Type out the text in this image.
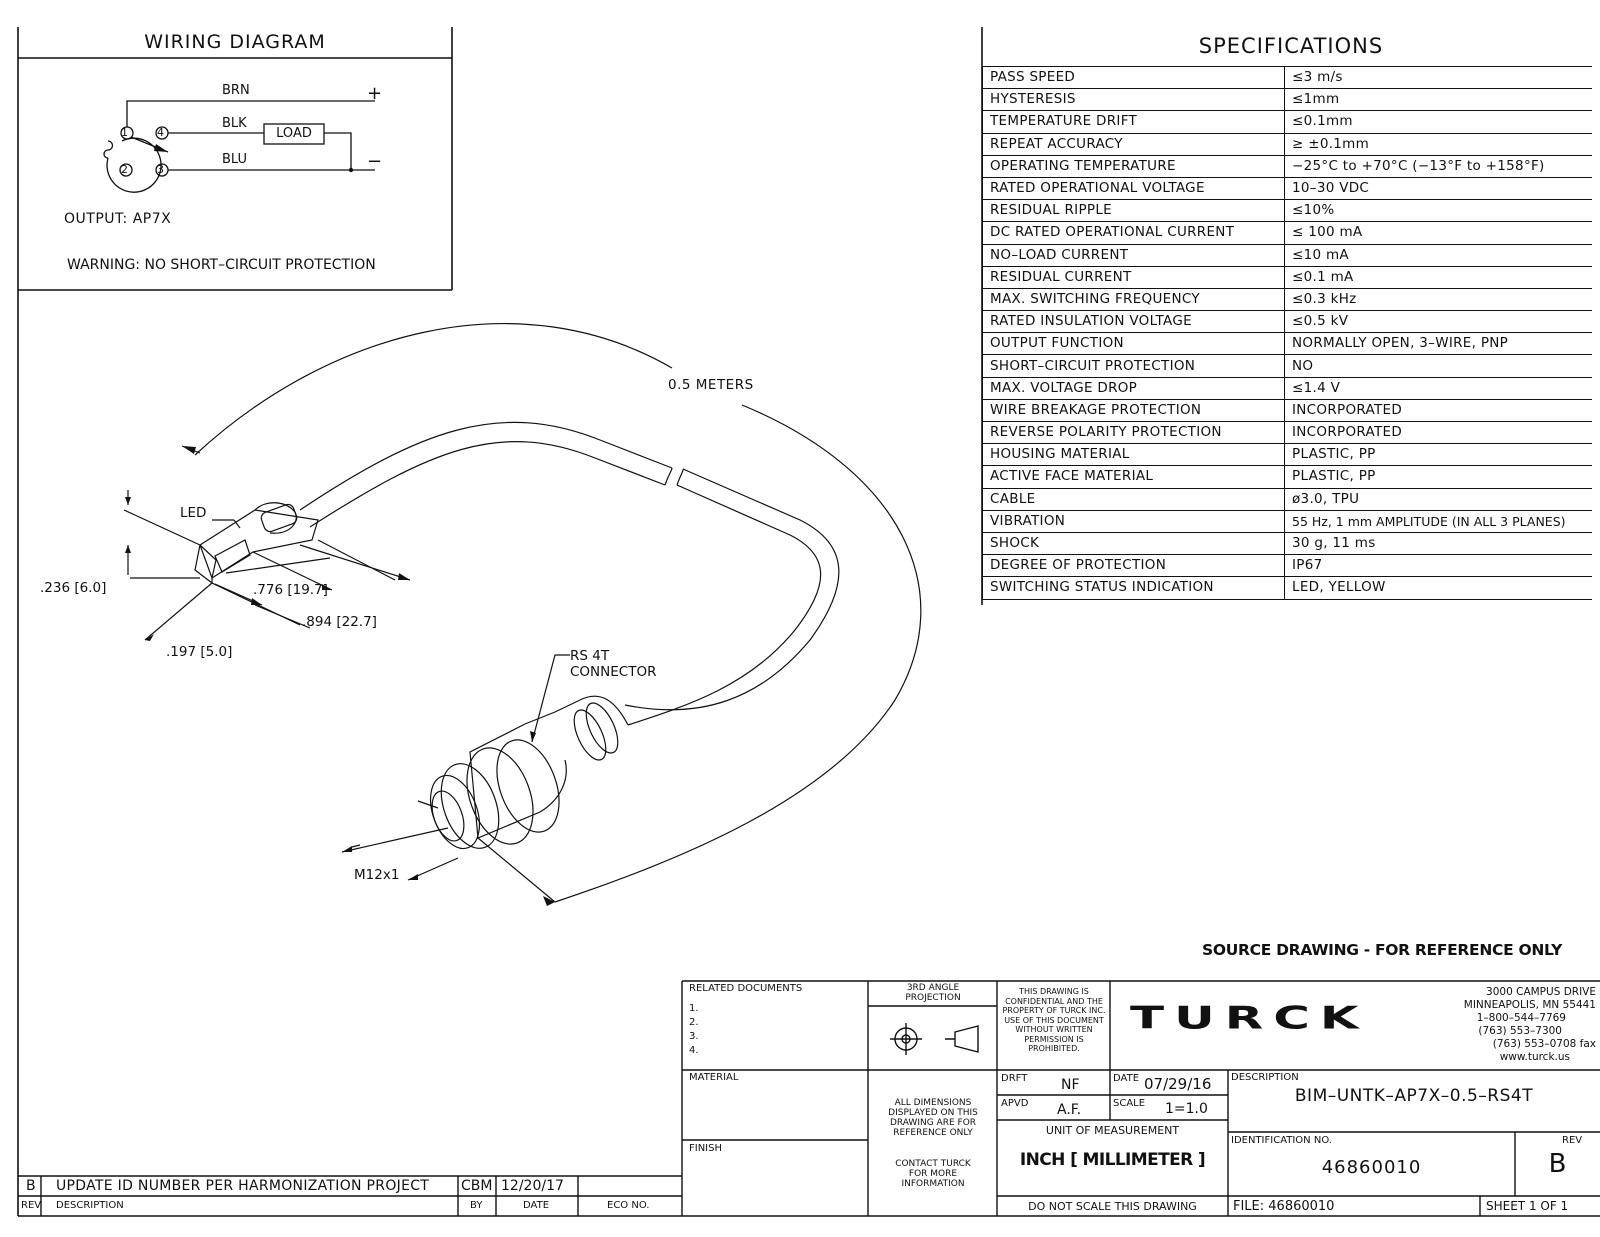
WIRING DIAGRAM
BRN
BLK
BLU
LOAD
+
−
1	4
2	3
OUTPUT: AP7X
WARNING: NO SHORT–CIRCUIT PROTECTION
SPECIFICATIONS
PASS SPEED	≤3 m/s
HYSTERESIS	≤1mm
TEMPERATURE DRIFT	≤0.1mm
REPEAT ACCURACY	≥ ±0.1mm
OPERATING TEMPERATURE	−25°C to +70°C (−13°F to +158°F)
RATED OPERATIONAL VOLTAGE	10–30 VDC
RESIDUAL RIPPLE	≤10%
DC RATED OPERATIONAL CURRENT	≤ 100 mA
NO–LOAD CURRENT	≤10 mA
RESIDUAL CURRENT	≤0.1 mA
MAX. SWITCHING FREQUENCY	≤0.3 kHz
RATED INSULATION VOLTAGE	≤0.5 kV
OUTPUT FUNCTION	NORMALLY OPEN, 3–WIRE, PNP
SHORT–CIRCUIT PROTECTION	NO
MAX. VOLTAGE DROP	≤1.4 V
WIRE BREAKAGE PROTECTION	INCORPORATED
REVERSE POLARITY PROTECTION	INCORPORATED
HOUSING MATERIAL	PLASTIC, PP
ACTIVE FACE MATERIAL	PLASTIC, PP
CABLE	ø3.0, TPU
VIBRATION	55 Hz, 1 mm AMPLITUDE (IN ALL 3 PLANES)
SHOCK	30 g, 11 ms
DEGREE OF PROTECTION	IP67
SWITCHING STATUS INDICATION	LED, YELLOW
0.5 METERS
LED
.236 [6.0]	.776 [19.7]
.894 [22.7]
.197 [5.0]	RS 4T
CONNECTOR
M12x1
SOURCE DRAWING - FOR REFERENCE ONLY
B UPDATE ID NUMBER PER HARMONIZATION PROJECT CBM 12/20/17
REV DESCRIPTION	BY	DATE	ECO NO.
RELATED DOCUMENTS
1.
2.
3.
4.
MATERIAL
FINISH
3RD ANGLE PROJECTION
ALL DIMENSIONS DISPLAYED ON THIS DRAWING ARE FOR REFERENCE ONLY
CONTACT TURCK FOR MORE INFORMATION
THIS DRAWING IS CONFIDENTIAL AND THE PROPERTY OF TURCK INC. USE OF THIS DOCUMENT WITHOUT WRITTEN PERMISSION IS PROHIBITED.
DRFT NF
APVD A.F.
DATE 07/29/16
SCALE 1=1.0
UNIT OF MEASUREMENT
INCH [ MILLIMETER ]
DO NOT SCALE THIS DRAWING
TURCK
3000 CAMPUS DRIVE
MINNEAPOLIS, MN 55441
1–800–544–7769
(763) 553–7300
(763) 553–0708 fax
www.turck.us
DESCRIPTION
BIM–UNTK–AP7X–0.5–RS4T
IDENTIFICATION NO.
46860010
REV
B
FILE: 46860010	SHEET 1 OF 1
